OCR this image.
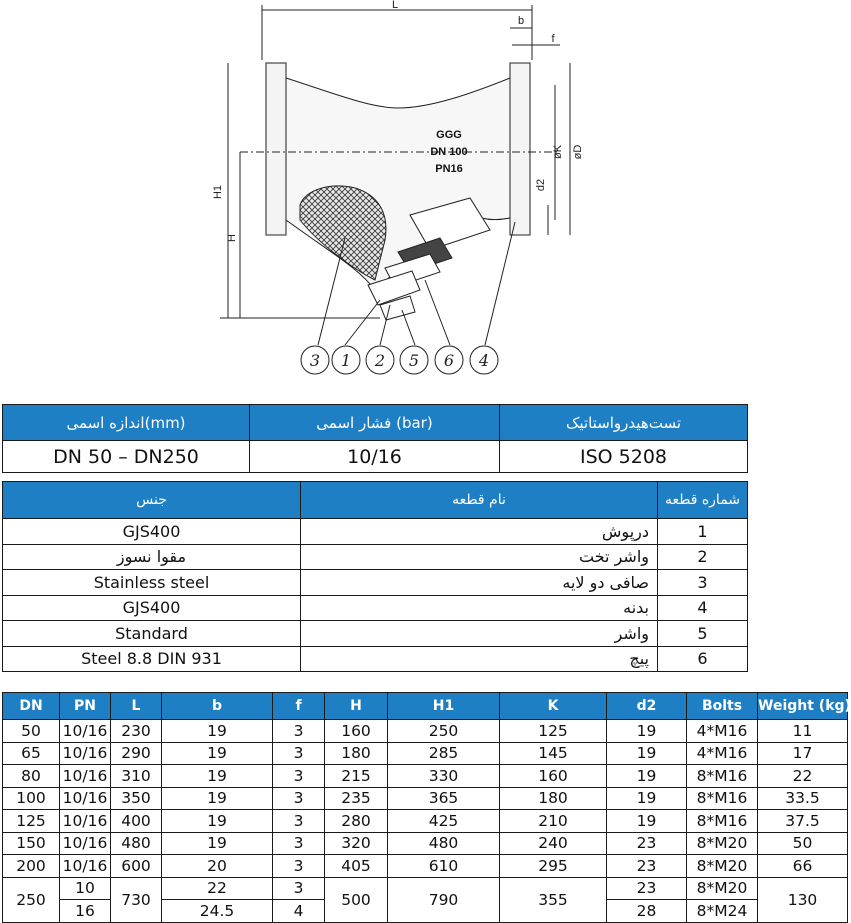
L
b
f
H1
H
øK øD
d2
GGG
DN 100
PN16
3 1 2 5 6 4
اندازه اسمی(mm)	فشار اسمی (bar)	تست‌هیدرواستاتیک
DN 50 – DN250	10/16	ISO 5208
جنس	نام قطعه	شماره قطعه
GJS400	درپوش	1
مقوا نسوز	واشر تخت	2
Stainless steel	صافی دو لایه	3
GJS400	بدنه	4
Standard	واشر	5
Steel 8.8 DIN 931	پیچ	6
DN	PN	L	b	f	H	H1	K	d2	Bolts	Weight (kg)
50	10/16	230	19	3	160	250	125	19	4*M16	11
65	10/16	290	19	3	180	285	145	19	4*M16	17
80	10/16	310	19	3	215	330	160	19	8*M16	22
100	10/16	350	19	3	235	365	180	19	8*M16	33.5
125	10/16	400	19	3	280	425	210	19	8*M16	37.5
150	10/16	480	19	3	320	480	240	23	8*M20	50
200	10/16	600	20	3	405	610	295	23	8*M20	66
250	10	730	22	3	500	790	355	23	8*M20	130
	16		24.5	4				28	8*M24	
